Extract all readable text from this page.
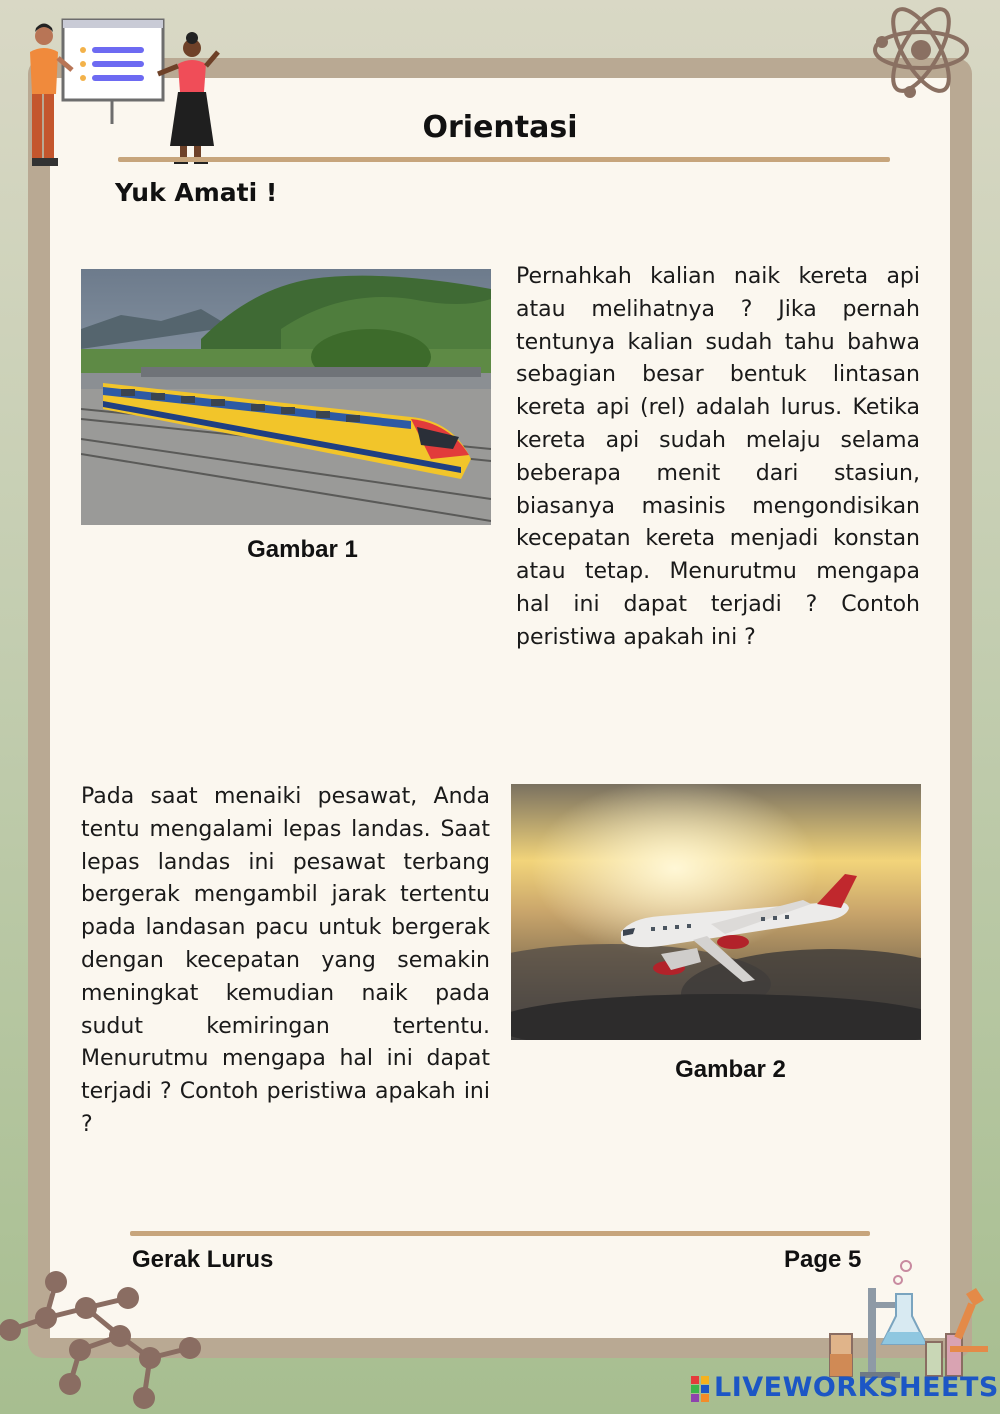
Orientasi
Yuk Amati !
Gambar 1
Pernahkah kalian naik kereta api atau melihatnya ? Jika pernah tentunya kalian sudah tahu bahwa sebagian besar bentuk lintasan kereta api (rel) adalah lurus. Ketika kereta api sudah melaju selama beberapa menit dari stasiun, biasanya masinis mengondisikan kecepatan kereta menjadi konstan atau tetap. Menurutmu mengapa hal ini dapat terjadi ? Contoh peristiwa apakah ini ?
Pada saat menaiki pesawat, Anda tentu mengalami lepas landas. Saat lepas landas ini pesawat terbang bergerak mengambil jarak tertentu pada landasan pacu untuk bergerak dengan kecepatan yang semakin meningkat kemudian naik pada sudut kemiringan tertentu. Menurutmu mengapa hal ini dapat terjadi ? Contoh peristiwa apakah ini ?
Gambar 2
Gerak Lurus	Page 5
LIVEWORKSHEETS
